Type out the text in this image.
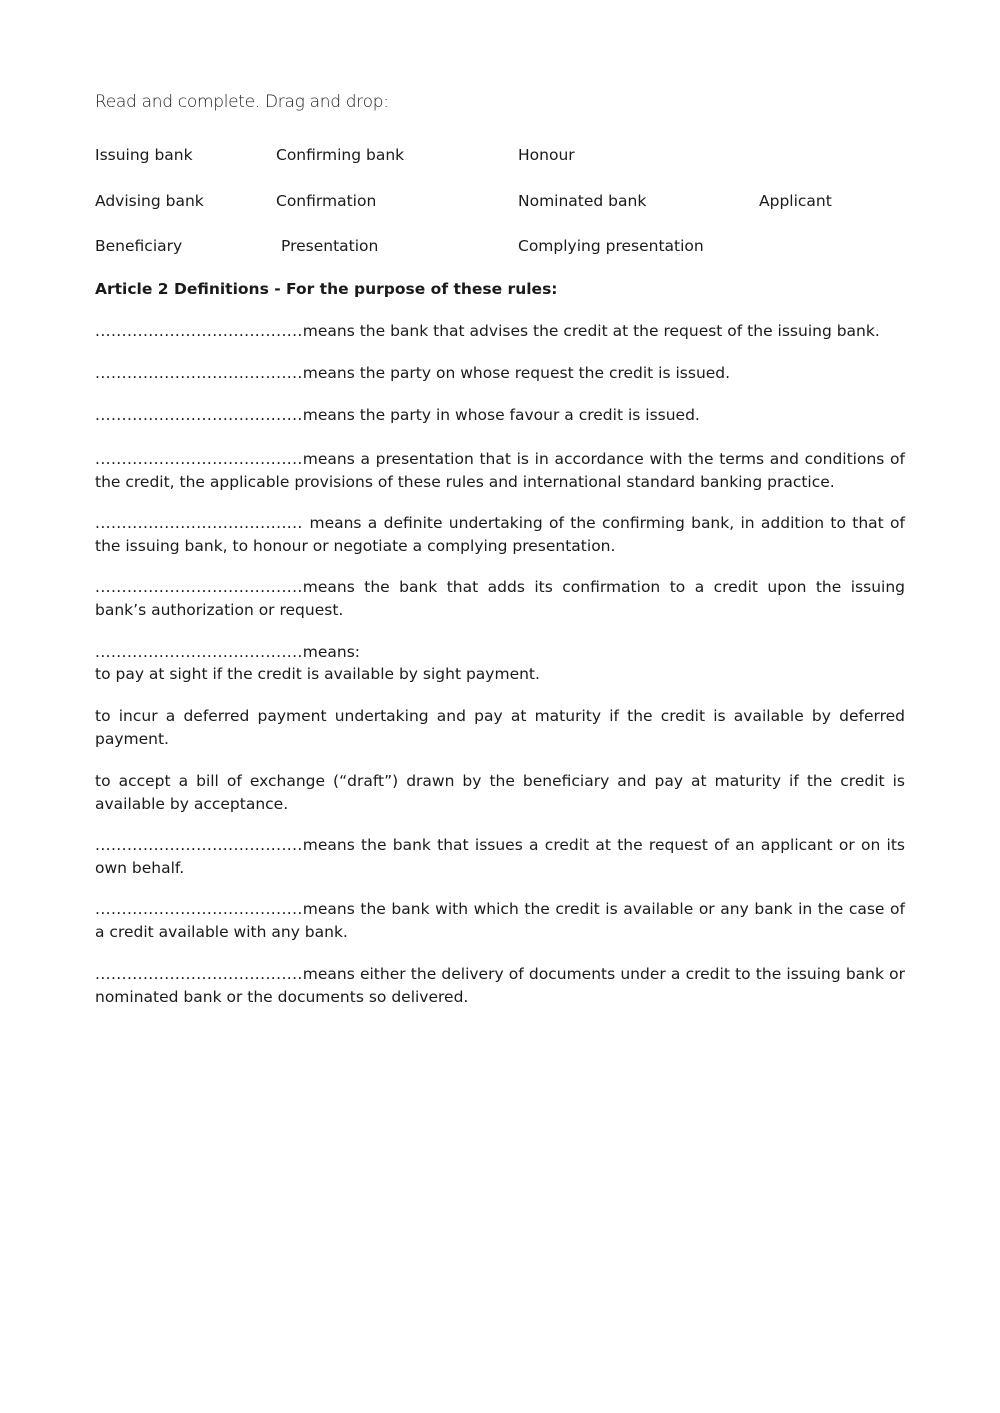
Read and complete. Drag and drop:
Issuing bank	Confirming bank	Honour
Advising bank	Confirmation	Nominated bank	Applicant
Beneficiary	Presentation	Complying presentation
Article 2 Definitions - For the purpose of these rules:
.......................................means the bank that advises the credit at the request of the issuing bank.
.......................................means the party on whose request the credit is issued.
.......................................means the party in whose favour a credit is issued.
.......................................means a presentation that is in accordance with the terms and conditions of the credit, the applicable provisions of these rules and international standard banking practice.
....................................... means a definite undertaking of the confirming bank, in addition to that of the issuing bank, to honour or negotiate a complying presentation.
.......................................means the bank that adds its confirmation to a credit upon the issuing bank’s authorization or request.
.......................................means:
to pay at sight if the credit is available by sight payment.
to incur a deferred payment undertaking and pay at maturity if the credit is available by deferred payment.
to accept a bill of exchange (“draft”) drawn by the beneficiary and pay at maturity if the credit is available by acceptance.
.......................................means the bank that issues a credit at the request of an applicant or on its own behalf.
.......................................means the bank with which the credit is available or any bank in the case of a credit available with any bank.
.......................................means either the delivery of documents under a credit to the issuing bank or nominated bank or the documents so delivered.
